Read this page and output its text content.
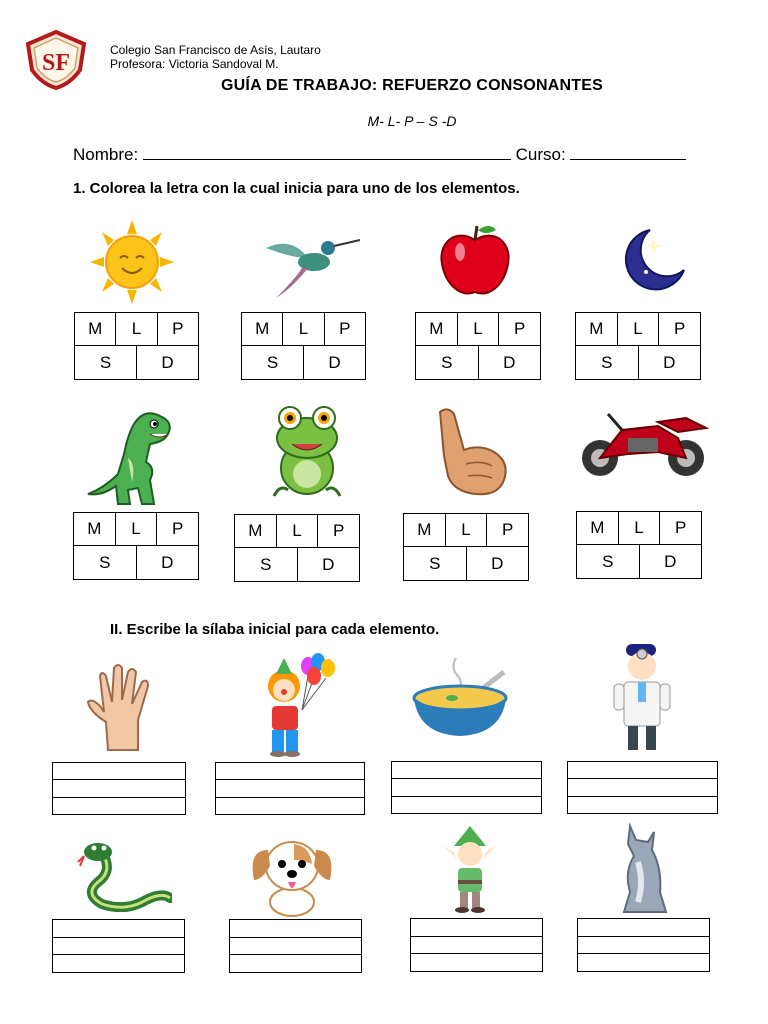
SF	Colegio San Francisco de Asís, Lautaro
Profesora: Victoria Sandoval M.
GUÍA DE TRABAJO: REFUERZO CONSONANTES
M- L- P – S -D
Nombre:	Curso:
1. Colorea la letra con la cual inicia para uno de los elementos.
M	L	P
S	D
M	L	P
S	D
M	L	P
S	D
M	L	P
S	D
M	L	P
S	D
M	L	P
S	D
M	L	P
S	D
M	L	P
S	D
II. Escribe la sílaba inicial para cada elemento.
